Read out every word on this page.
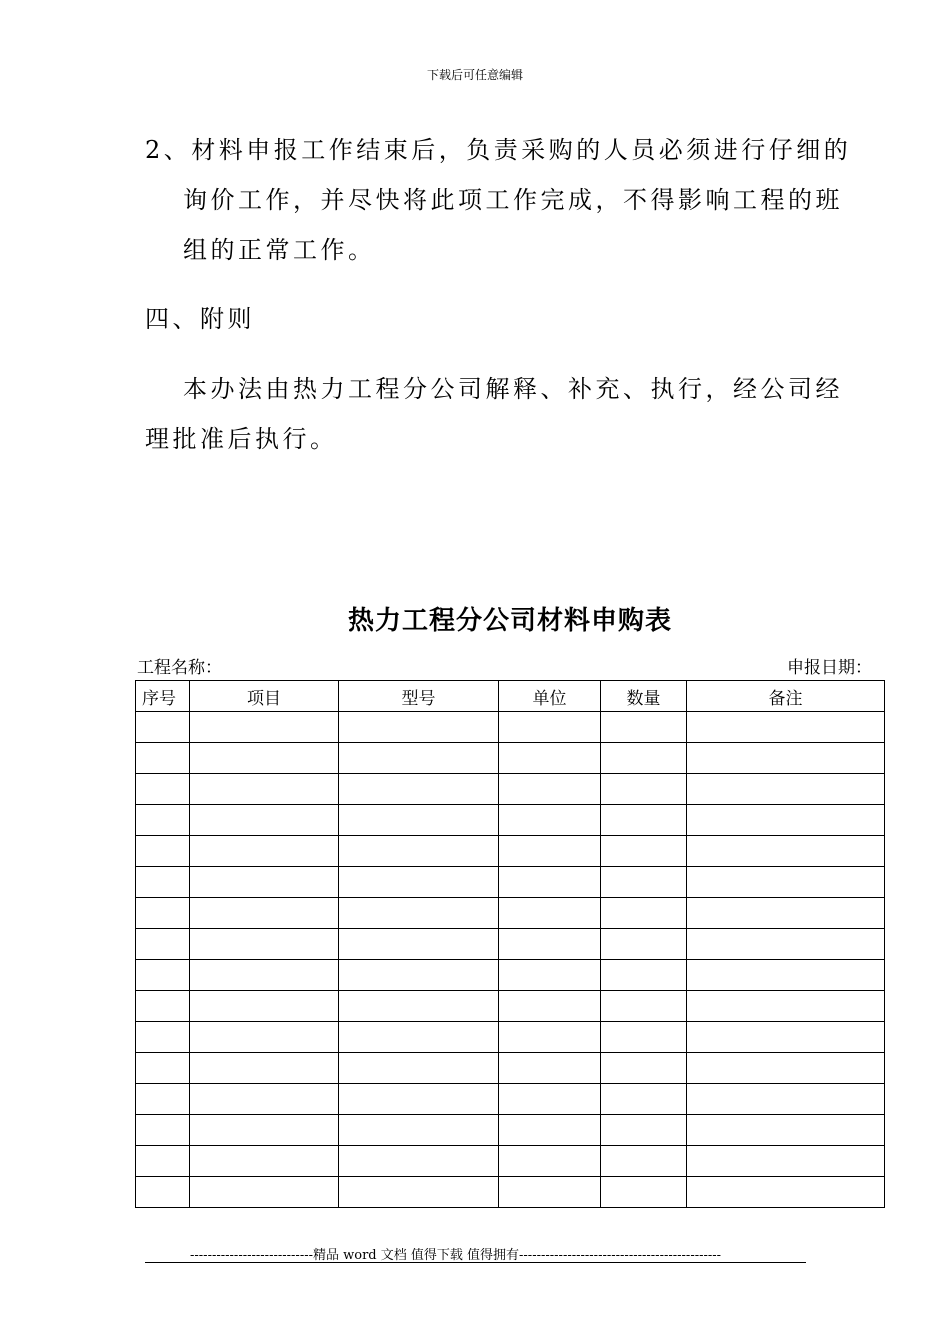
下载后可任意编辑
2、材料申报工作结束后，负责采购的人员必须进行仔细的
询价工作，并尽快将此项工作完成，不得影响工程的班
组的正常工作。
四、附则
本办法由热力工程分公司解释、补充、执行，经公司经
理批准后执行。
热力工程分公司材料申购表
工程名称：	申报日期：
序号	项目	型号	单位	数量	备注

----------------------------精品 word 文档 值得下载 值得拥有----------------------------------------------
